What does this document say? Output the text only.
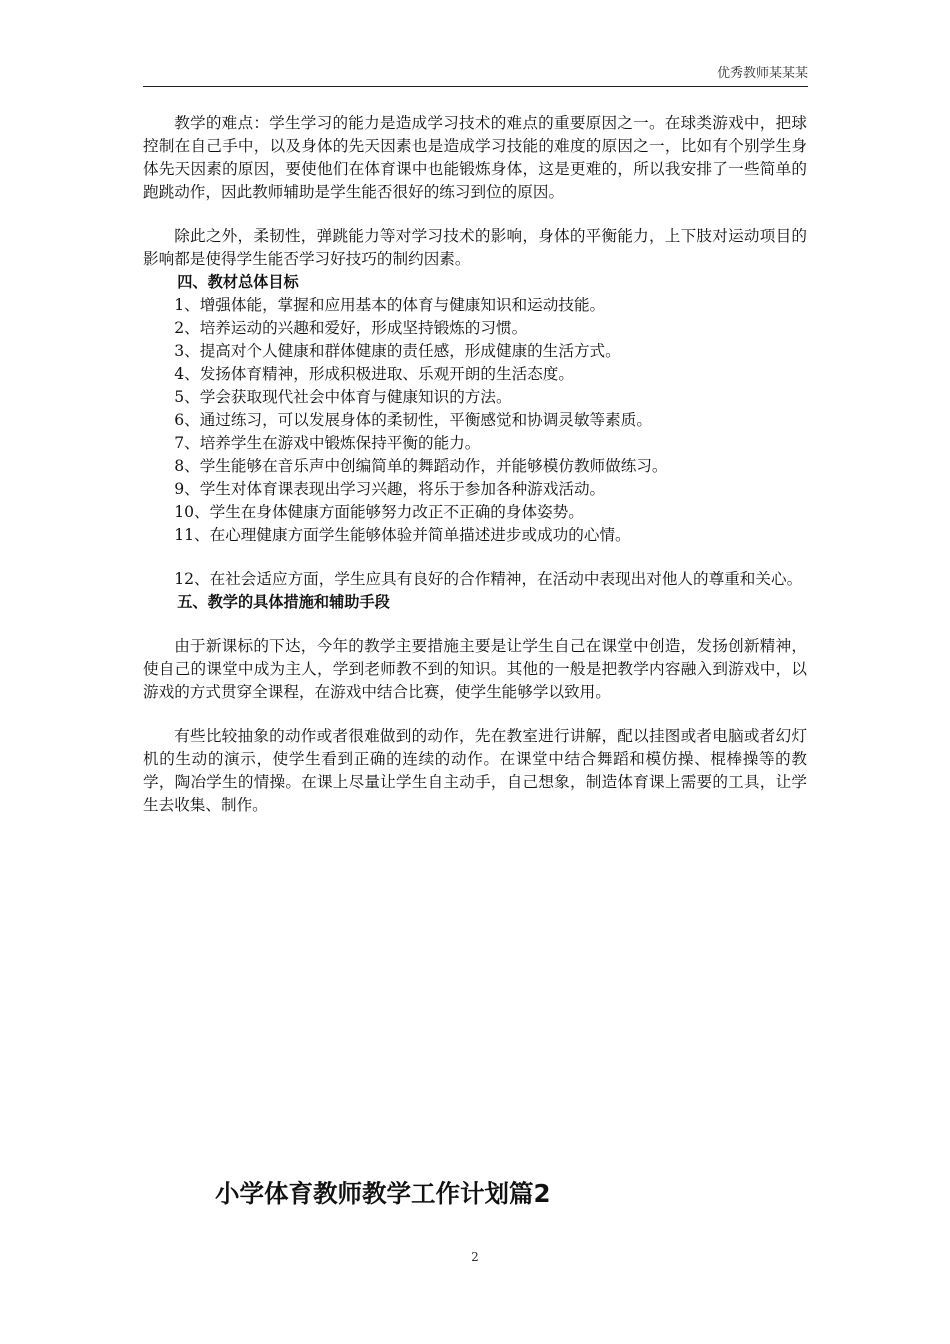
优秀教师某某某

教学的难点：学生学习的能力是造成学习技术的难点的重要原因之一。在球类游戏中，把球控制在自己手中，以及身体的先天因素也是造成学习技能的难度的原因之一，比如有个别学生身体先天因素的原因，要使他们在体育课中也能锻炼身体，这是更难的，所以我安排了一些简单的跑跳动作，因此教师辅助是学生能否很好的练习到位的原因。

除此之外，柔韧性，弹跳能力等对学习技术的影响，身体的平衡能力，上下肢对运动项目的影响都是使得学生能否学习好技巧的制约因素。

四、教材总体目标

1、增强体能，掌握和应用基本的体育与健康知识和运动技能。

2、培养运动的兴趣和爱好，形成坚持锻炼的习惯。

3、提高对个人健康和群体健康的责任感，形成健康的生活方式。

4、发扬体育精神，形成积极进取、乐观开朗的生活态度。

5、学会获取现代社会中体育与健康知识的方法。

6、通过练习，可以发展身体的柔韧性，平衡感觉和协调灵敏等素质。

7、培养学生在游戏中锻炼保持平衡的能力。

8、学生能够在音乐声中创编简单的舞蹈动作，并能够模仿教师做练习。

9、学生对体育课表现出学习兴趣，将乐于参加各种游戏活动。

10、学生在身体健康方面能够努力改正不正确的身体姿势。

11、在心理健康方面学生能够体验并简单描述进步或成功的心情。

12、在社会适应方面，学生应具有良好的合作精神，在活动中表现出对他人的尊重和关心。

五、教学的具体措施和辅助手段

由于新课标的下达，今年的教学主要措施主要是让学生自己在课堂中创造，发扬创新精神，使自己的课堂中成为主人，学到老师教不到的知识。其他的一般是把教学内容融入到游戏中，以游戏的方式贯穿全课程，在游戏中结合比赛，使学生能够学以致用。

有些比较抽象的动作或者很难做到的动作，先在教室进行讲解，配以挂图或者电脑或者幻灯机的生动的演示，使学生看到正确的连续的动作。在课堂中结合舞蹈和模仿操、棍棒操等的教学，陶冶学生的情操。在课上尽量让学生自主动手，自己想象，制造体育课上需要的工具，让学生去收集、制作。

小学体育教师教学工作计划篇2
2
